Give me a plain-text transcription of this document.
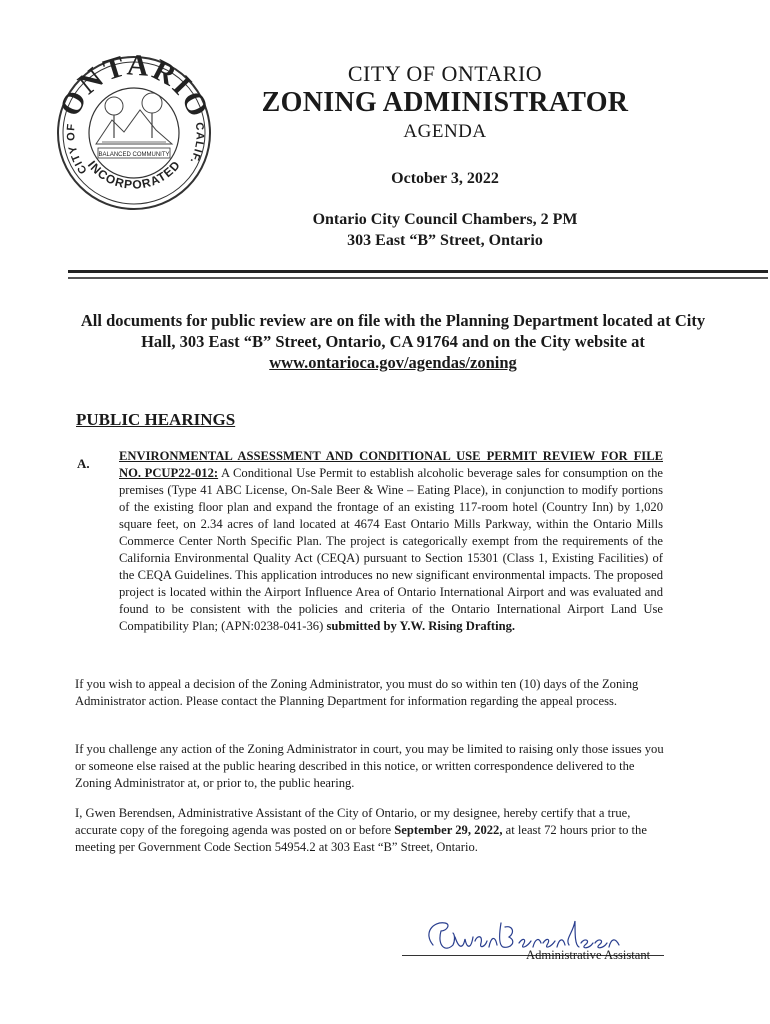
ONTARIO
CITY OF	CALIF.
INCORPORATED
BALANCED COMMUNITY
CITY OF ONTARIO
ZONING ADMINISTRATOR
AGENDA
October 3, 2022
Ontario City Council Chambers, 2 PM
303 East “B” Street, Ontario
All documents for public review are on file with the Planning Department located at City Hall, 303 East “B” Street, Ontario, CA 91764 and on the City website at
www.ontarioca.gov/agendas/zoning
PUBLIC HEARINGS
A. ENVIRONMENTAL ASSESSMENT AND CONDITIONAL USE PERMIT REVIEW FOR FILE NO. PCUP22-012: A Conditional Use Permit to establish alcoholic beverage sales for consumption on the premises (Type 41 ABC License, On-Sale Beer & Wine – Eating Place), in conjunction to modify portions of the existing floor plan and expand the frontage of an existing 117-room hotel (Country Inn) by 1,020 square feet, on 2.34 acres of land located at 4674 East Ontario Mills Parkway, within the Ontario Mills Commerce Center North Specific Plan. The project is categorically exempt from the requirements of the California Environmental Quality Act (CEQA) pursuant to Section 15301 (Class 1, Existing Facilities) of the CEQA Guidelines. This application introduces no new significant environmental impacts. The proposed project is located within the Airport Influence Area of Ontario International Airport and was evaluated and found to be consistent with the policies and criteria of the Ontario International Airport Land Use Compatibility Plan; (APN:0238-041-36) submitted by Y.W. Rising Drafting.
If you wish to appeal a decision of the Zoning Administrator, you must do so within ten (10) days of the Zoning Administrator action. Please contact the Planning Department for information regarding the appeal process.
If you challenge any action of the Zoning Administrator in court, you may be limited to raising only those issues you or someone else raised at the public hearing described in this notice, or written correspondence delivered to the Zoning Administrator at, or prior to, the public hearing.
I, Gwen Berendsen, Administrative Assistant of the City of Ontario, or my designee, hereby certify that a true, accurate copy of the foregoing agenda was posted on or before September 29, 2022, at least 72 hours prior to the meeting per Government Code Section 54954.2 at 303 East “B” Street, Ontario.
Administrative Assistant
